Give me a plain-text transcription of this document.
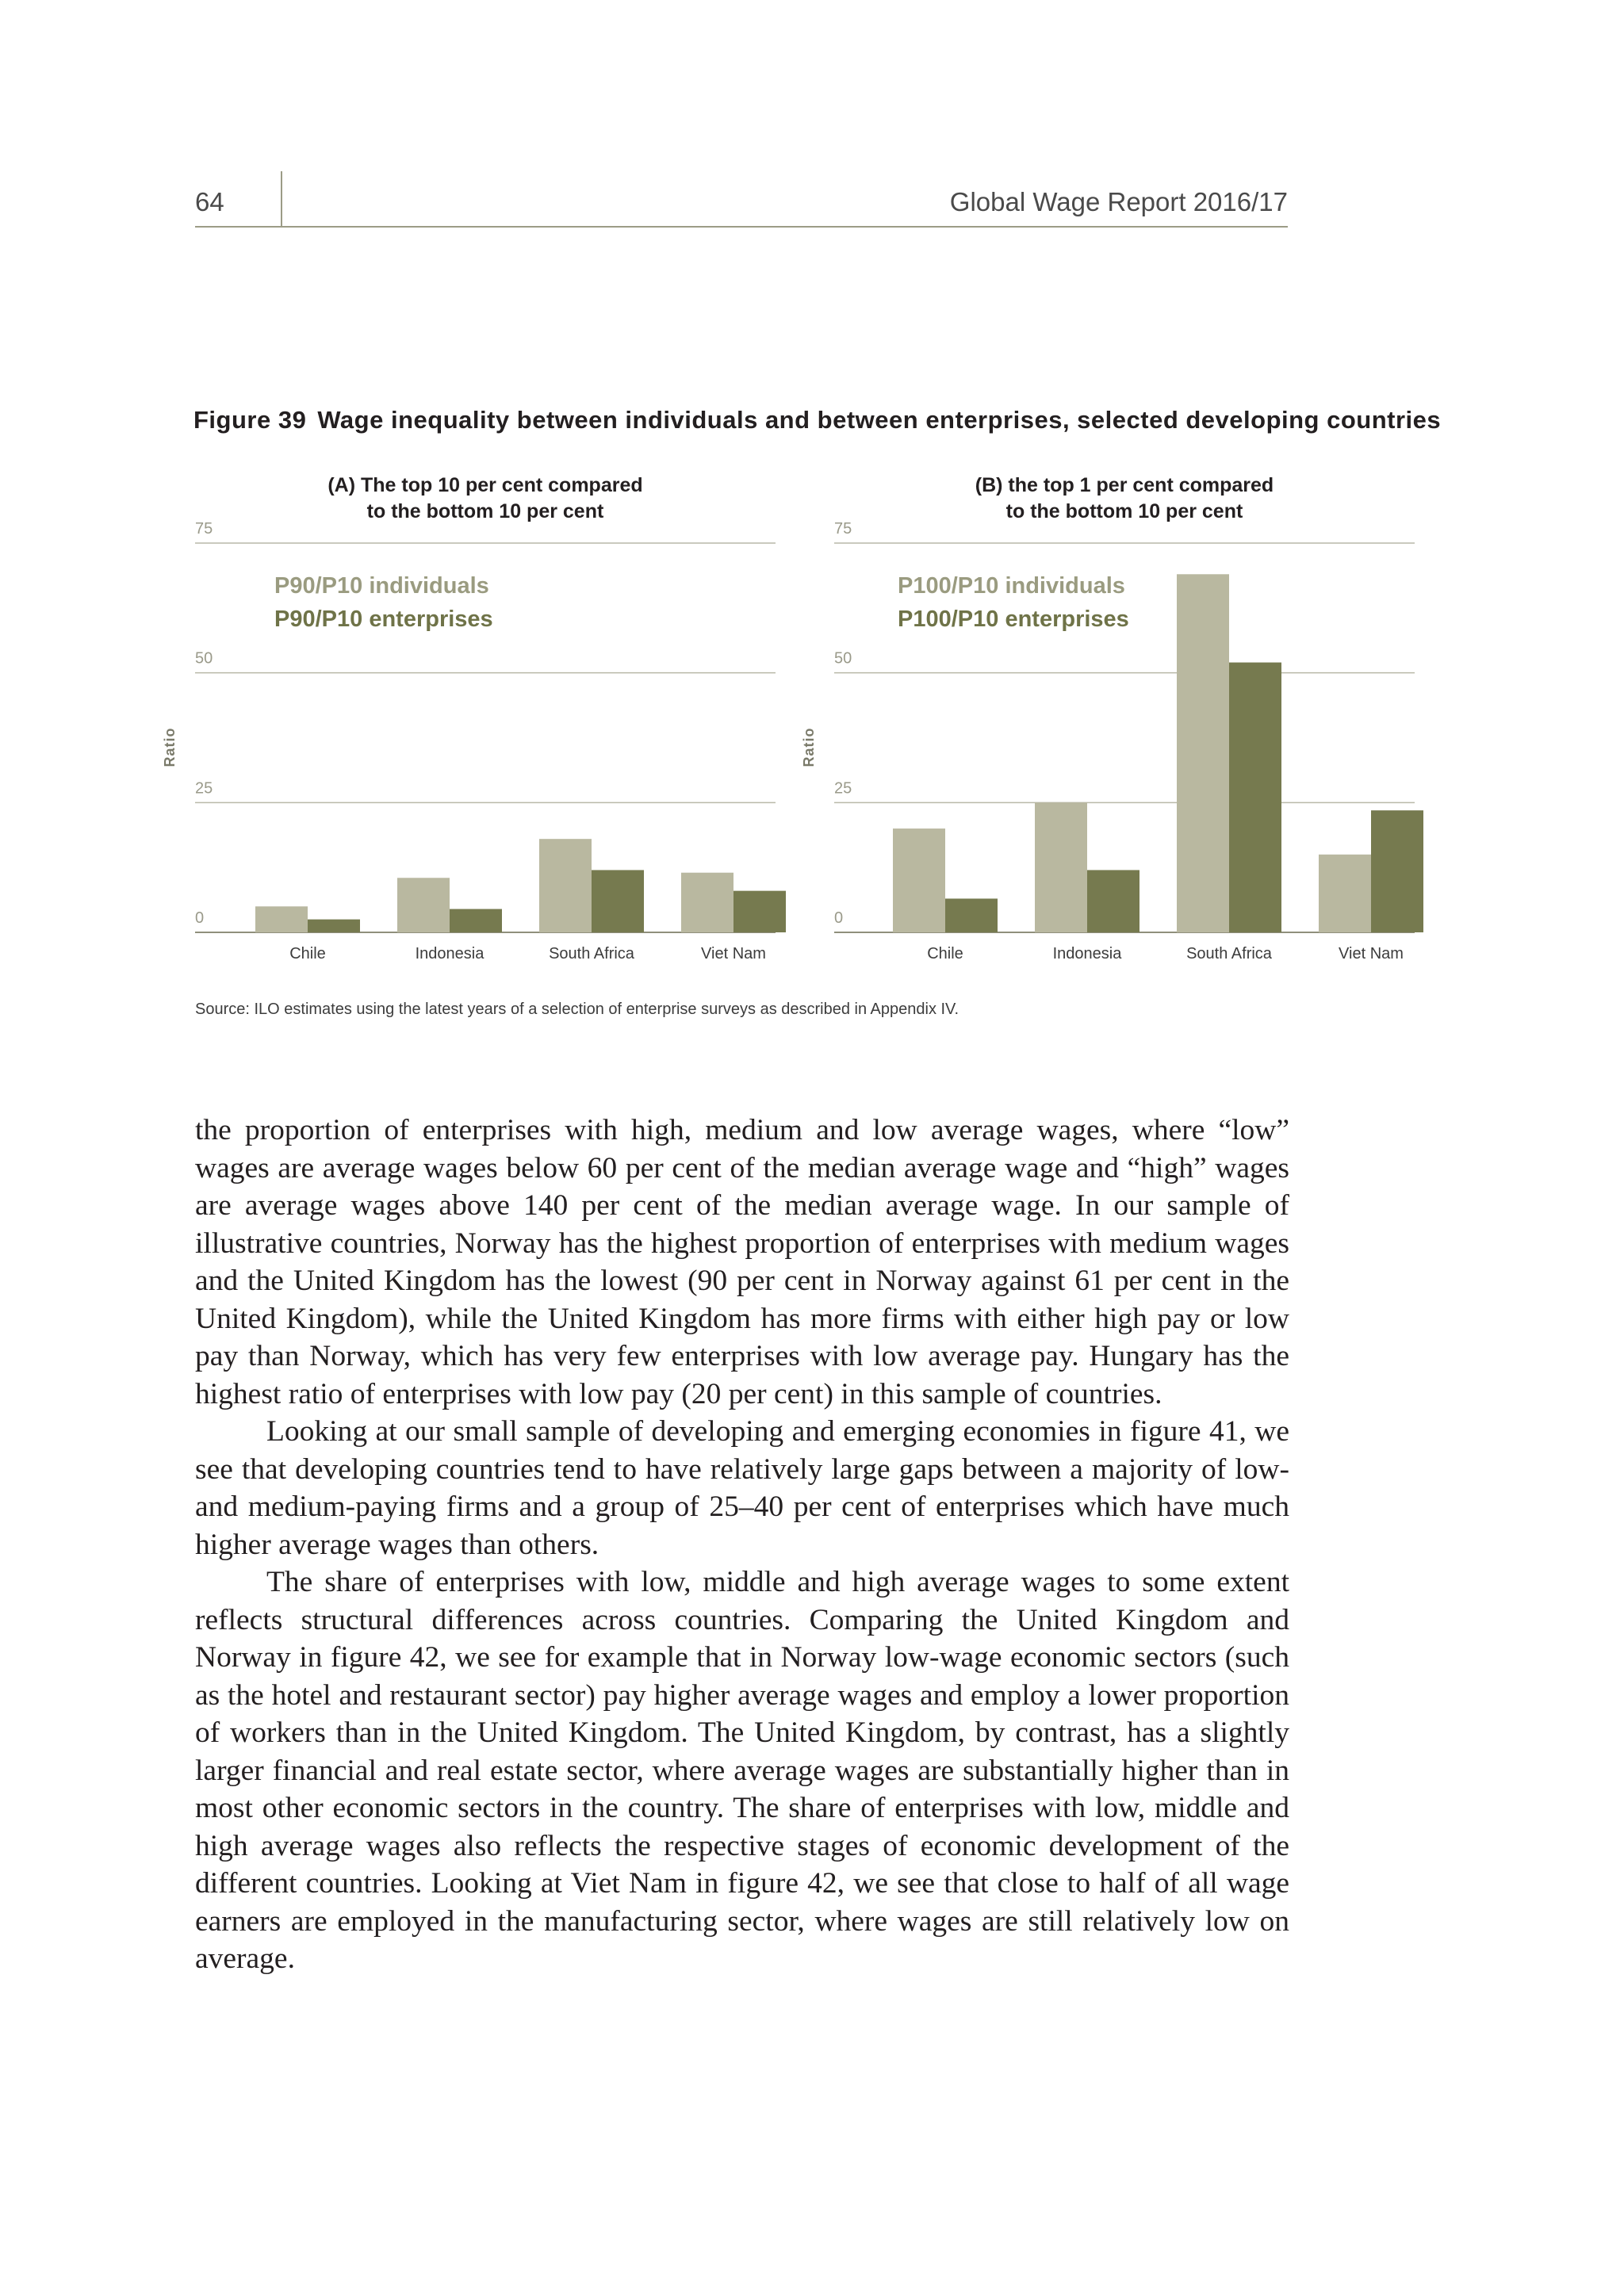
64	Global Wage Report 2016/17
Figure 39 Wage inequality between individuals and between enterprises, selected developing countries
(A) The top 10 per cent compared
to the bottom 10 per cent
0
25
50
75
Ratio
Chile	Indonesia	South Africa	Viet Nam
P90/P10 individuals
P90/P10 enterprises
(B) the top 1 per cent compared
to the bottom 10 per cent
0
25
50
75
Ratio
Chile	Indonesia	South Africa	Viet Nam
P100/P10 individuals
P100/P10 enterprises
Source: ILO estimates using the latest years of a selection of enterprise surveys as described in Appendix IV.

the proportion of enterprises with high, medium and low average wages, where “low” wages are average wages below 60 per cent of the median average wage and “high” wages are average wages above 140 per cent of the median average wage. In our sample of illustrative countries, Norway has the highest proportion of enterprises with medium wages and the United Kingdom has the lowest (90 per cent in Norway against 61 per cent in the United Kingdom), while the United Kingdom has more firms with either high pay or low pay than Norway, which has very few enterprises with low average pay. Hungary has the highest ratio of enterprises with low pay (20 per cent) in this sample of countries.

Looking at our small sample of developing and emerging economies in figure 41, we see that developing countries tend to have relatively large gaps between a majority of low- and medium-paying firms and a group of 25–40 per cent of enterprises which have much higher average wages than others.

The share of enterprises with low, middle and high average wages to some extent reflects structural differences across countries. Comparing the United Kingdom and Norway in figure 42, we see for example that in Norway low-wage economic sectors (such as the hotel and restaurant sector) pay higher average wages and employ a lower proportion of workers than in the United Kingdom. The United Kingdom, by contrast, has a slightly larger financial and real estate sector, where average wages are substantially higher than in most other economic sectors in the country. The share of enterprises with low, middle and high average wages also reflects the respective stages of economic development of the different countries. Looking at Viet Nam in figure 42, we see that close to half of all wage earners are employed in the manufacturing sector, where wages are still relatively low on average.
